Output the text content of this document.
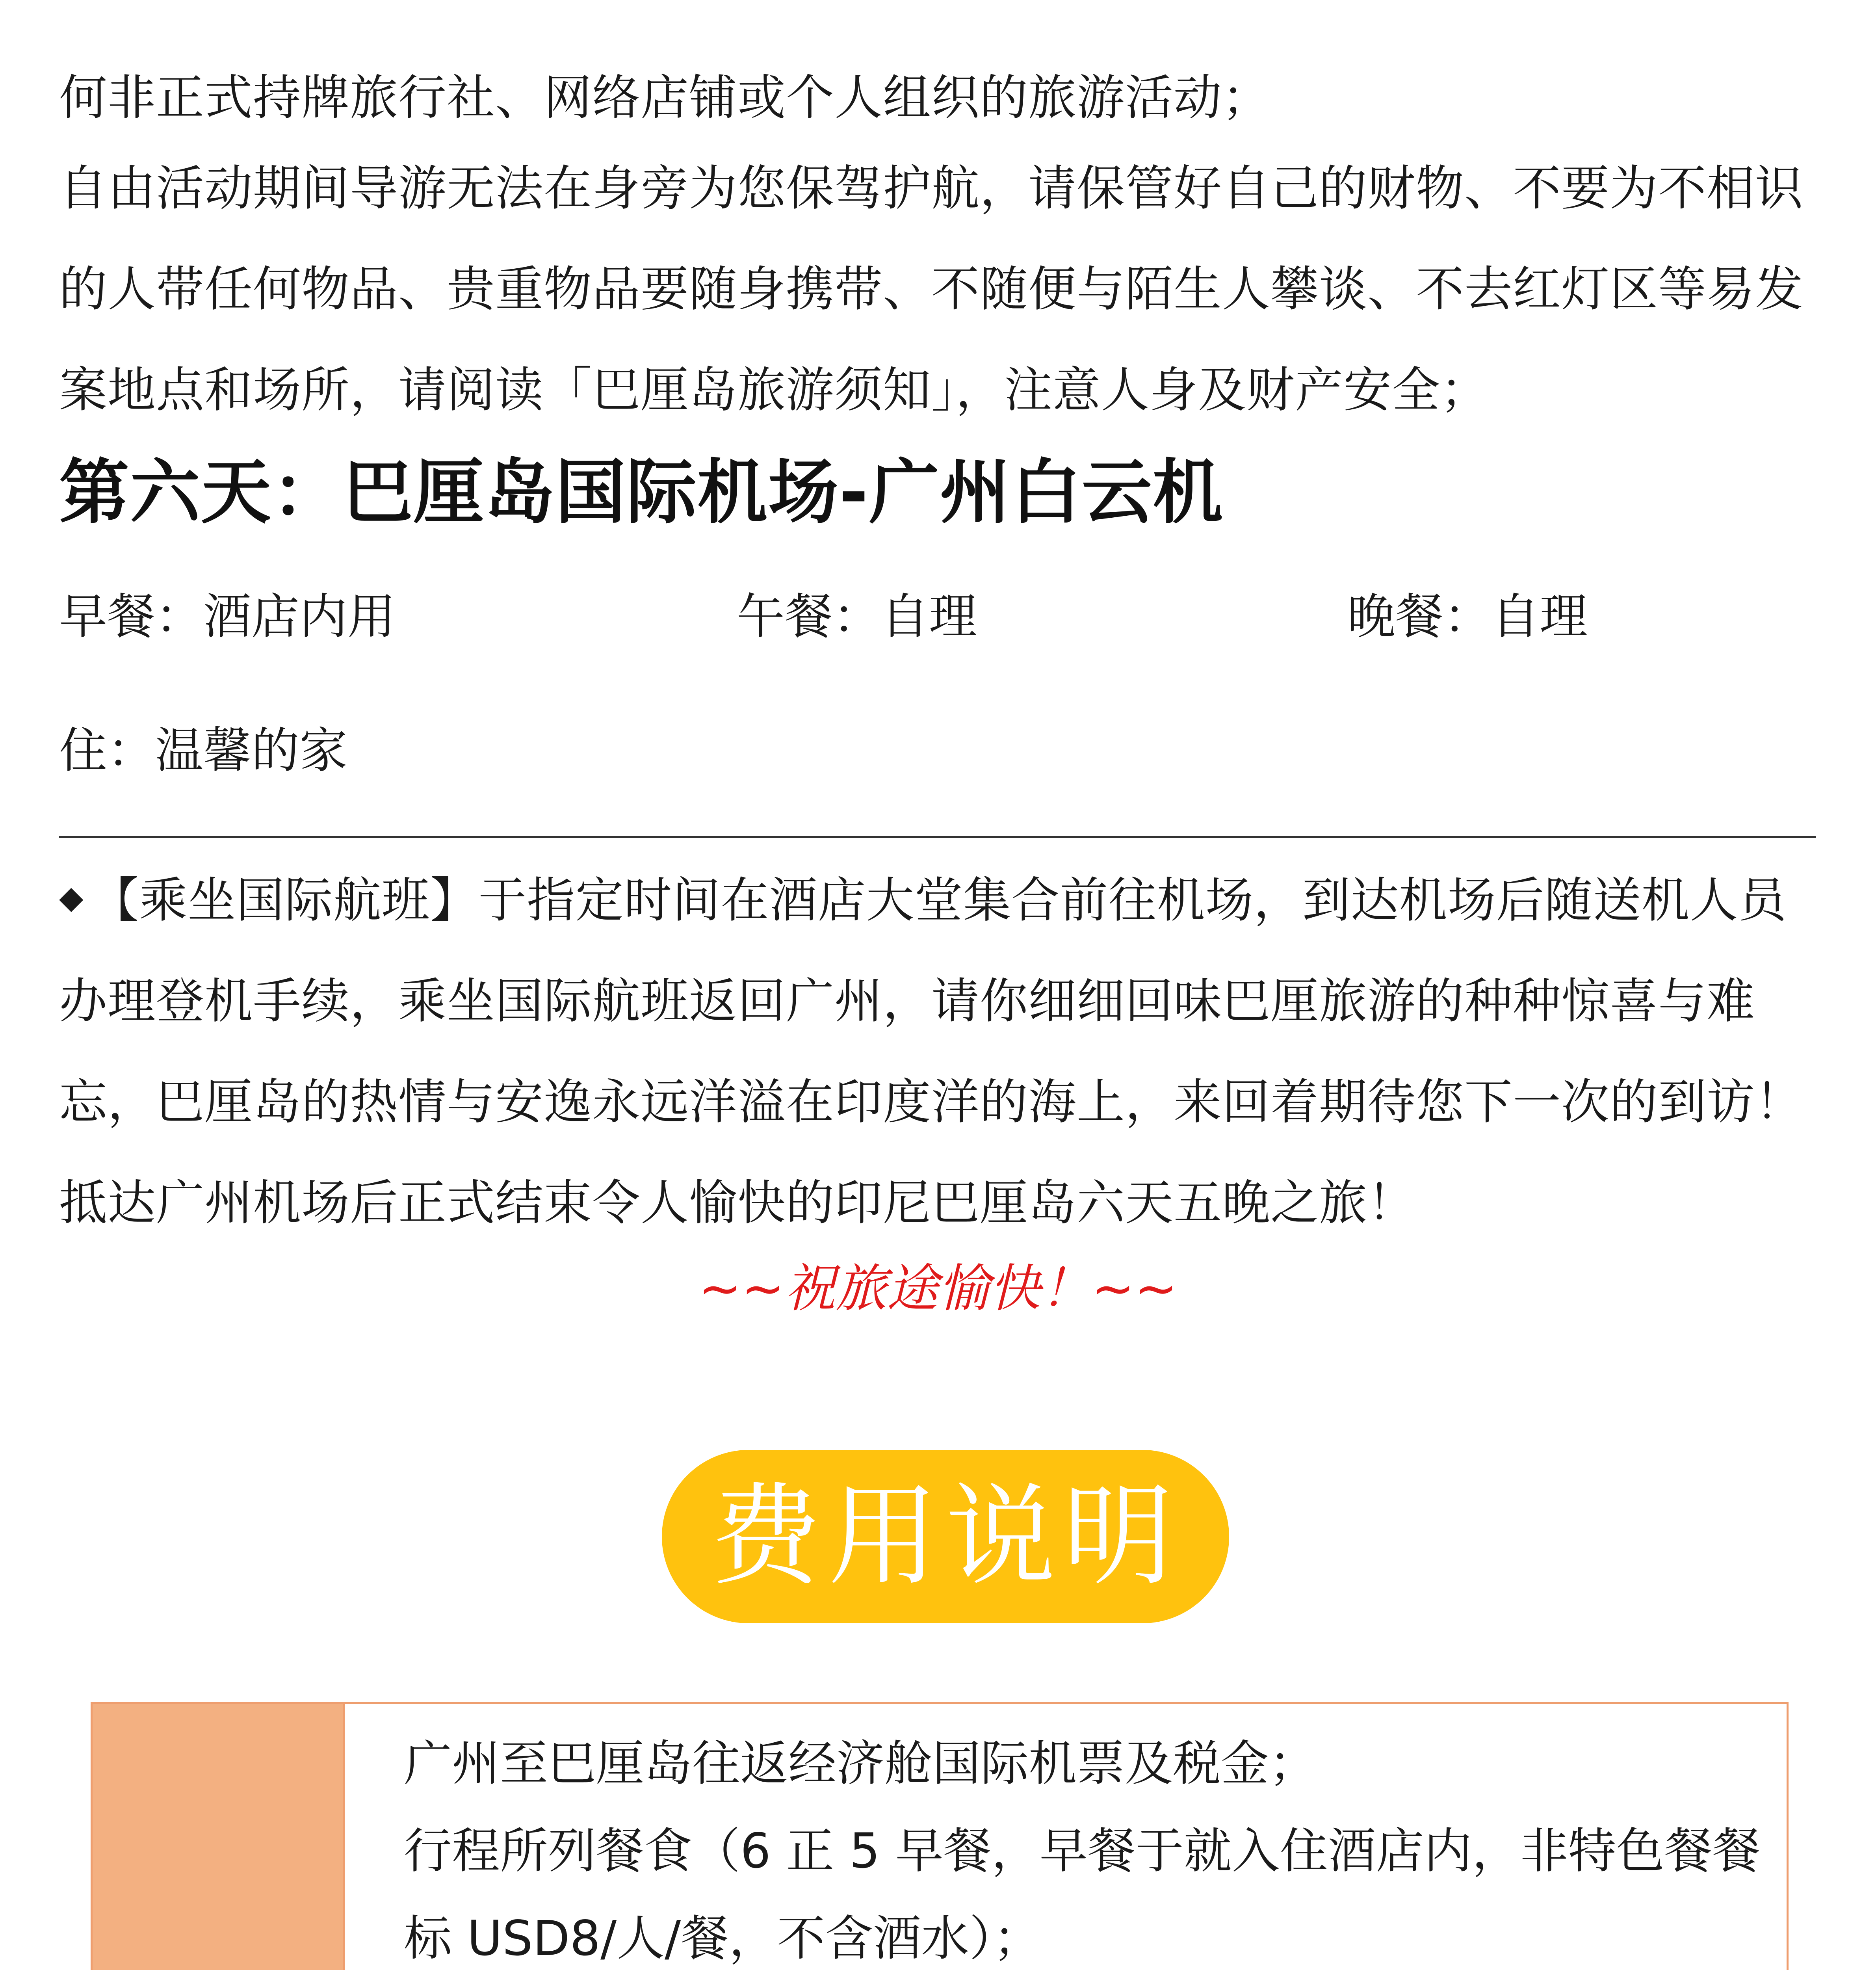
何非正式持牌旅行社、网络店铺或个人组织的旅游活动；

自由活动期间导游无法在身旁为您保驾护航，请保管好自己的财物、不要为不相识的人带任何物品、贵重物品要随身携带、不随便与陌生人攀谈、不去红灯区等易发案地点和场所，请阅读「巴厘岛旅游须知」，注意人身及财产安全；

第六天：巴厘岛国际机场-广州白云机
早餐：酒店内用	午餐：自理	晚餐：自理
住：温馨的家

◆ 【乘坐国际航班】于指定时间在酒店大堂集合前往机场，到达机场后随送机人员办理登机手续，乘坐国际航班返回广州，请你细细回味巴厘旅游的种种惊喜与难忘，巴厘岛的热情与安逸永远洋溢在印度洋的海上，来回着期待您下一次的到访！抵达广州机场后正式结束令人愉快的印尼巴厘岛六天五晚之旅！

~~祝旅途愉快！~~
费用说明

广州至巴厘岛往返经济舱国际机票及税金；

行程所列餐食（6 正 5 早餐，早餐于就入住酒店内，非特色餐餐标 USD8/人/餐，不含酒水）；
